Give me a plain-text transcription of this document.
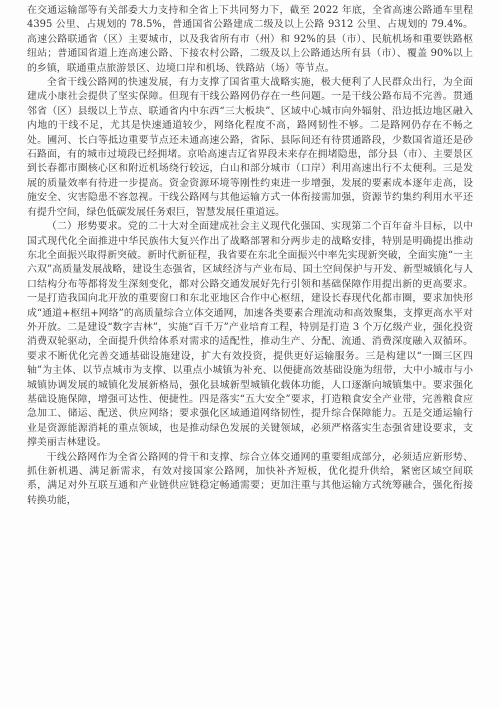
在交通运输部等有关部委大力支持和全省上下共同努力下，截至 2022 年底，全省高速公路通车里程 4395 公里、占规划的 78.5%，普通国省公路建成二级及以上公路 9312 公里、占规划的 79.4%。高速公路联通省（区）主要城市，以及我省所有市（州）和 92%的县（市）、民航机场和重要铁路枢纽站；普通国省道上连高速公路、下接农村公路，二级及以上公路通达所有县（市）、覆盖 90%以上的乡镇，联通重点旅游景区、边境口岸和机场、铁路站（场）等节点。

全省干线公路网的快速发展，有力支撑了国省重大战略实施，极大便利了人民群众出行，为全面建成小康社会提供了坚实保障。但现有干线公路网仍存在一些问题。一是干线公路布局不完善。贯通邻省（区）县级以上节点、联通省内中东西“三大板块”、区域中心城市向外辐射、沿边抵边地区融入内地的干线不足，尤其是快速通道较少，网络化程度不高，路网韧性不够。二是路网仍存在不畅之处。圃河、长白等抵边重要节点还未通高速公路，省际、县际间还有待贯通路段，少数国省道还是砂石路面，有的城市过境段已经拥堵。京哈高速吉辽省界段未来存在拥堵隐患，部分县（市）、主要景区到长春都市圈核心区和附近机场绕行较远，白山和部分城市（口岸）利用高速出行不太便利。三是发展的质量效率有待进一步提高。资金资源环境等刚性约束进一步增强，发展的要素成本逐年走高，设施安全、灾害隐患不容忽视。干线公路网与其他运输方式一体衔接需加强，资源节约集约利用水平还有提升空间，绿色低碳发展任务艰巨，智慧发展任重道远。

（二）形势要求。党的二十大对全面建成社会主义现代化强国、实现第二个百年奋斗目标，以中国式现代化全面推进中华民族伟大复兴作出了战略部署和分两步走的战略安排，特别是明确提出推动东北全面振兴取得新突破。新时代新征程，我省要在东北全面振兴中率先实现新突破，全面实施“一主六双”高质量发展战略，建设生态强省，区域经济与产业布局、国土空间保护与开发、新型城镇化与人口结构分布等都将发生深刻变化，都对公路交通发展好先行引领和基础保障作用提出新的更高要求。一是打造我国向北开放的重要窗口和东北亚地区合作中心枢纽，建设长春现代化都市圈，要求加快形成“通道+枢纽+网络”的高质量综合立体交通网，加速各类要素合理流动和高效聚集，支撑更高水平对外开放。二是建设“数字吉林”，实施“百千万”产业培育工程，特别是打造 3 个万亿级产业，强化投资消费双轮驱动，全面提升供给体系对需求的适配性，推动生产、分配、流通、消费深度融入双循环。要求不断优化完善交通基础设施建设，扩大有效投资，提供更好运输服务。三是构建以“一圈三区四轴”为主体、以节点城市为支撑、以重点小城镇为补充、以便捷高效基础设施为纽带，大中小城市与小城镇协调发展的城镇化发展新格局，强化县城新型城镇化载体功能，人口逐渐向城镇集中。要求强化基础设施保障，增强可达性、便捷性。四是落实“五大安全”要求，打造粮食安全产业带，完善粮食应急加工、储运、配送、供应网络；要求强化区域通道网络韧性，提升综合保障能力。五是交通运输行业是资源能源消耗的重点领域，也是推动绿色发展的关键领域，必须严格落实生态强省建设要求，支撑美丽吉林建设。

干线公路网作为全省公路网的骨干和支撑、综合立体交通网的重要组成部分，必须适应新形势、抓住新机遇、满足新需求，有效对接国家公路网，加快补齐短板，优化提升供给，紧密区域空间联系，满足对外互联互通和产业链供应链稳定畅通需要；更加注重与其他运输方式统筹融合，强化衔接转换功能，
